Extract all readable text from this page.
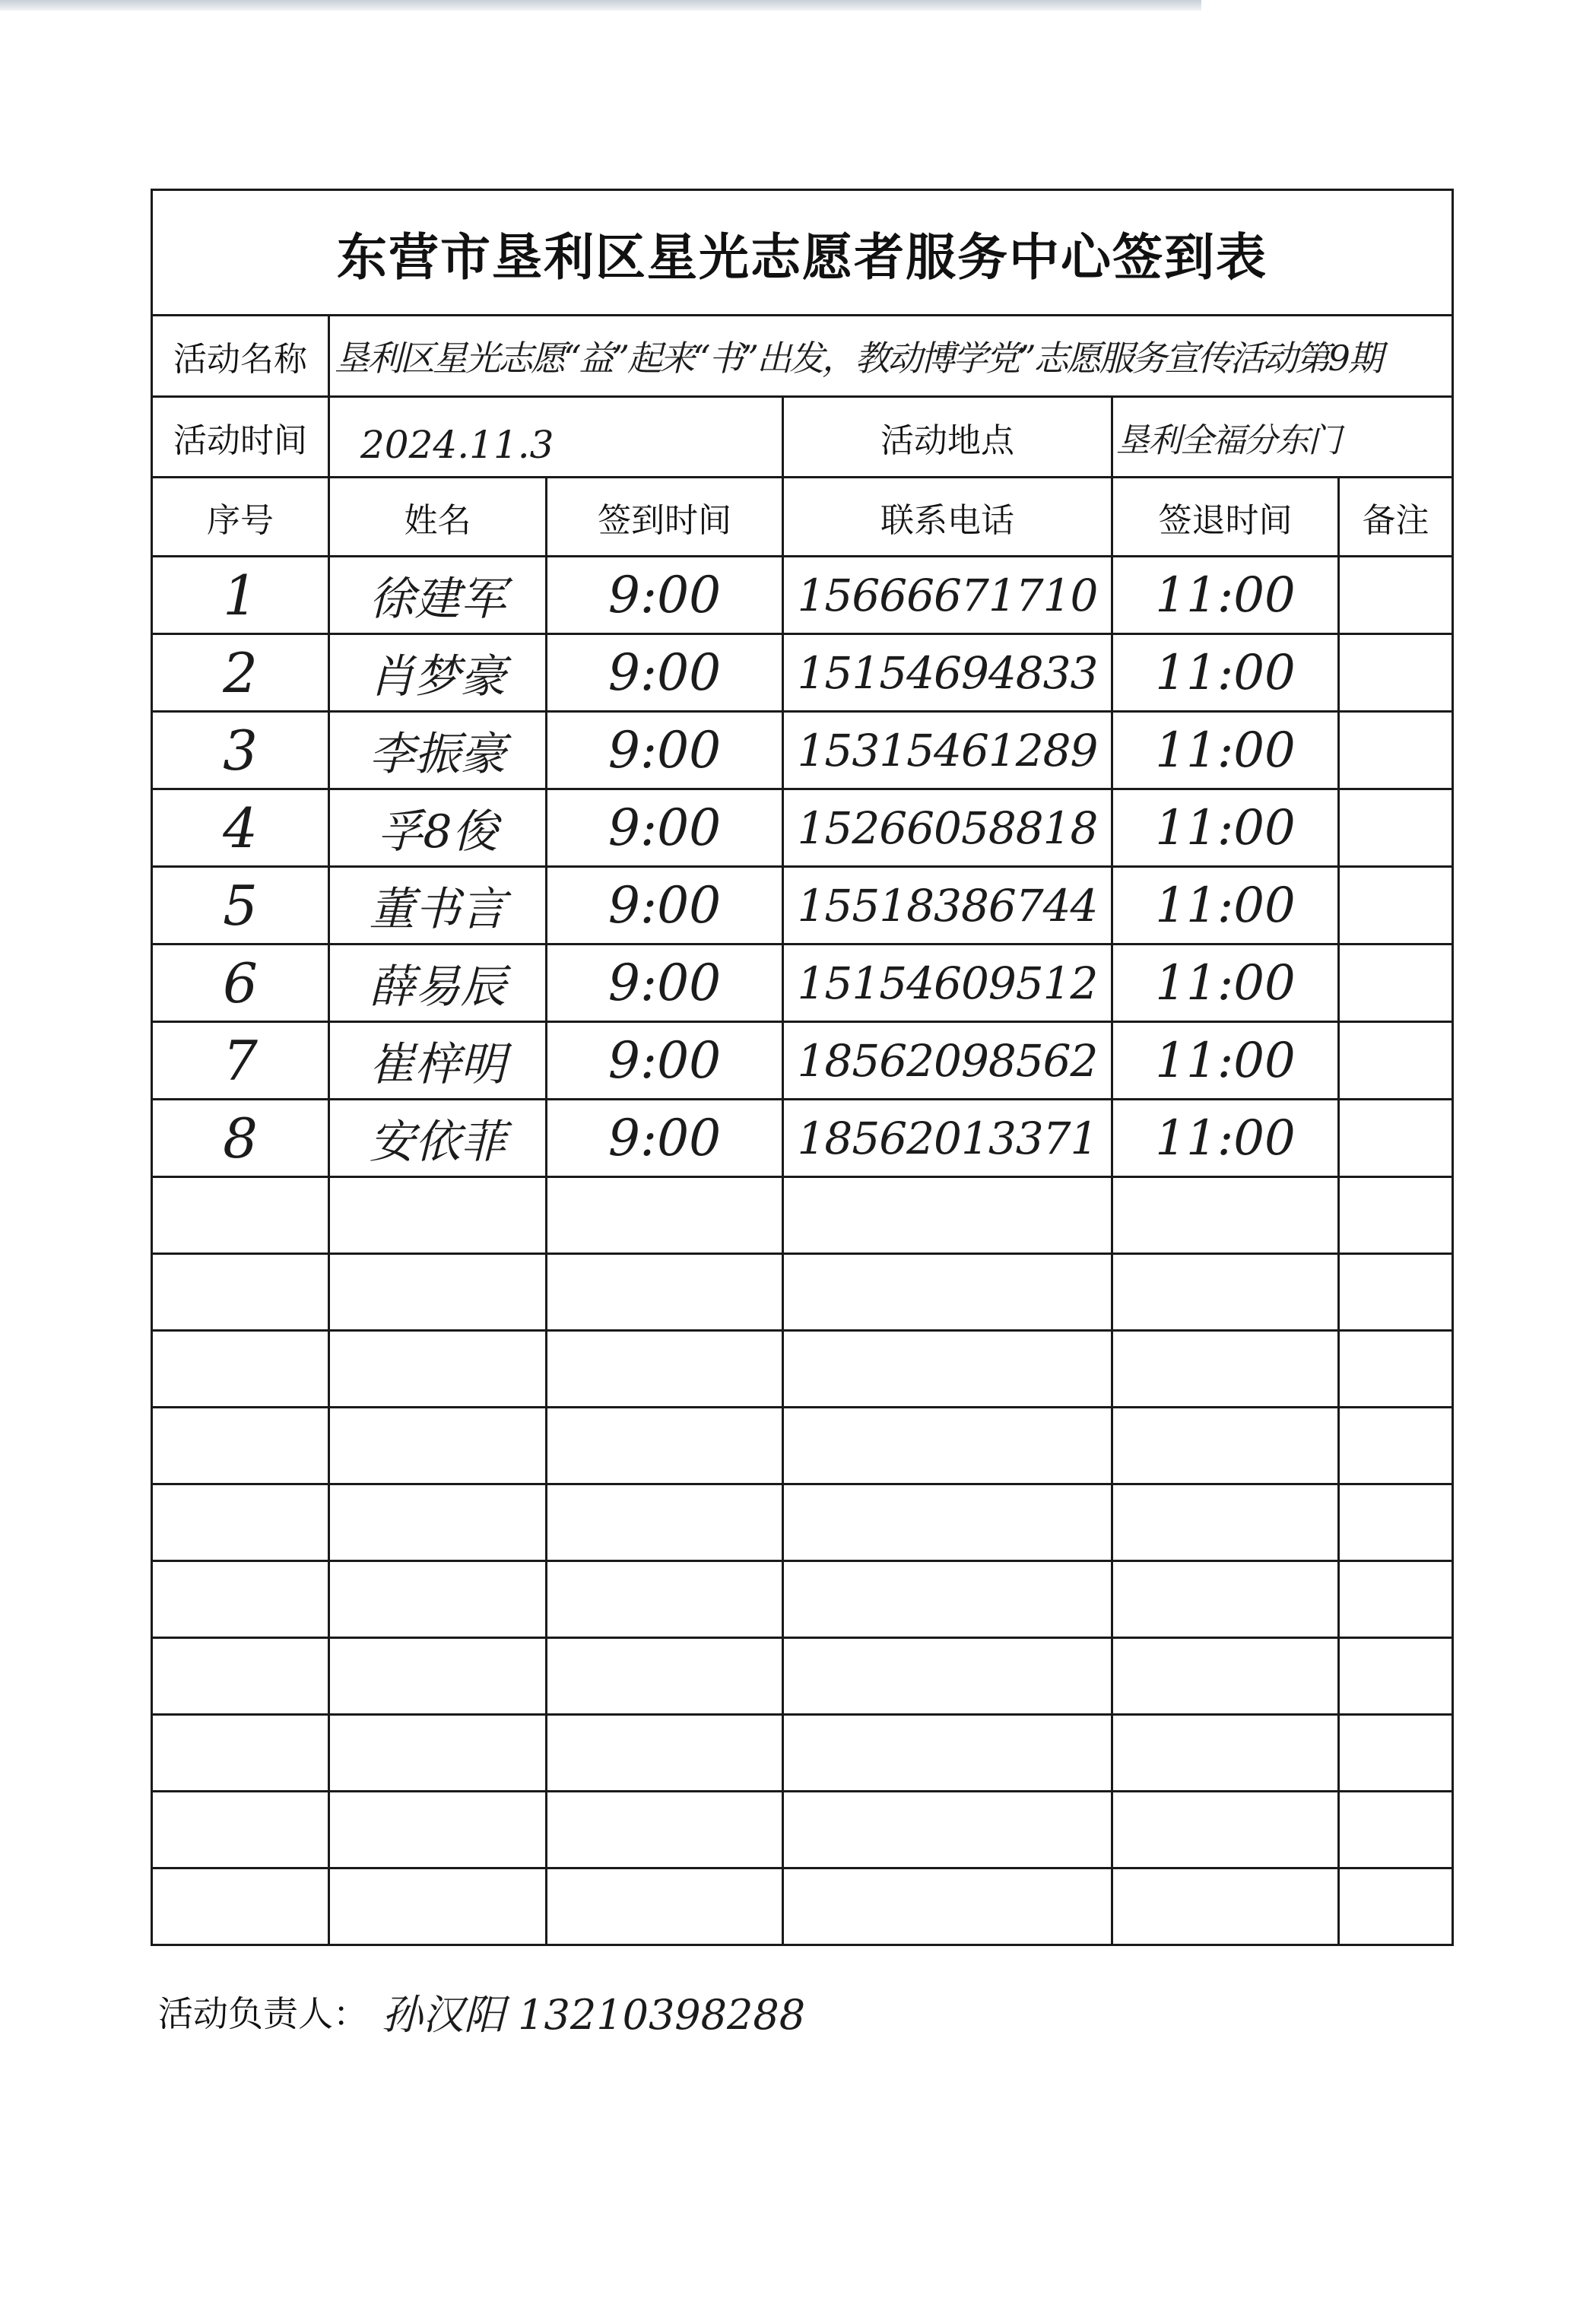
东营市垦利区星光志愿者服务中心签到表					
活动名称	垦利区星光志愿“益”起来“书”出发，教动博学党”志愿服务宣传活动第9期				
活动时间	2024.11.3		活动地点	垦利全福分东门	
序号	姓名	签到时间	联系电话	签退时间	备注
1	徐建军	9:00	15666671710	11:00	
2	肖梦豪	9:00	15154694833	11:00	
3	李振豪	9:00	15315461289	11:00	
4	孚8俊	9:00	15266058818	11:00	
5	董书言	9:00	15518386744	11:00	
6	薛易辰	9:00	15154609512	11:00	
7	崔梓明	9:00	18562098562	11:00	
8	安依菲	9:00	18562013371	11:00	

活动负责人： 孙汉阳 13210398288
